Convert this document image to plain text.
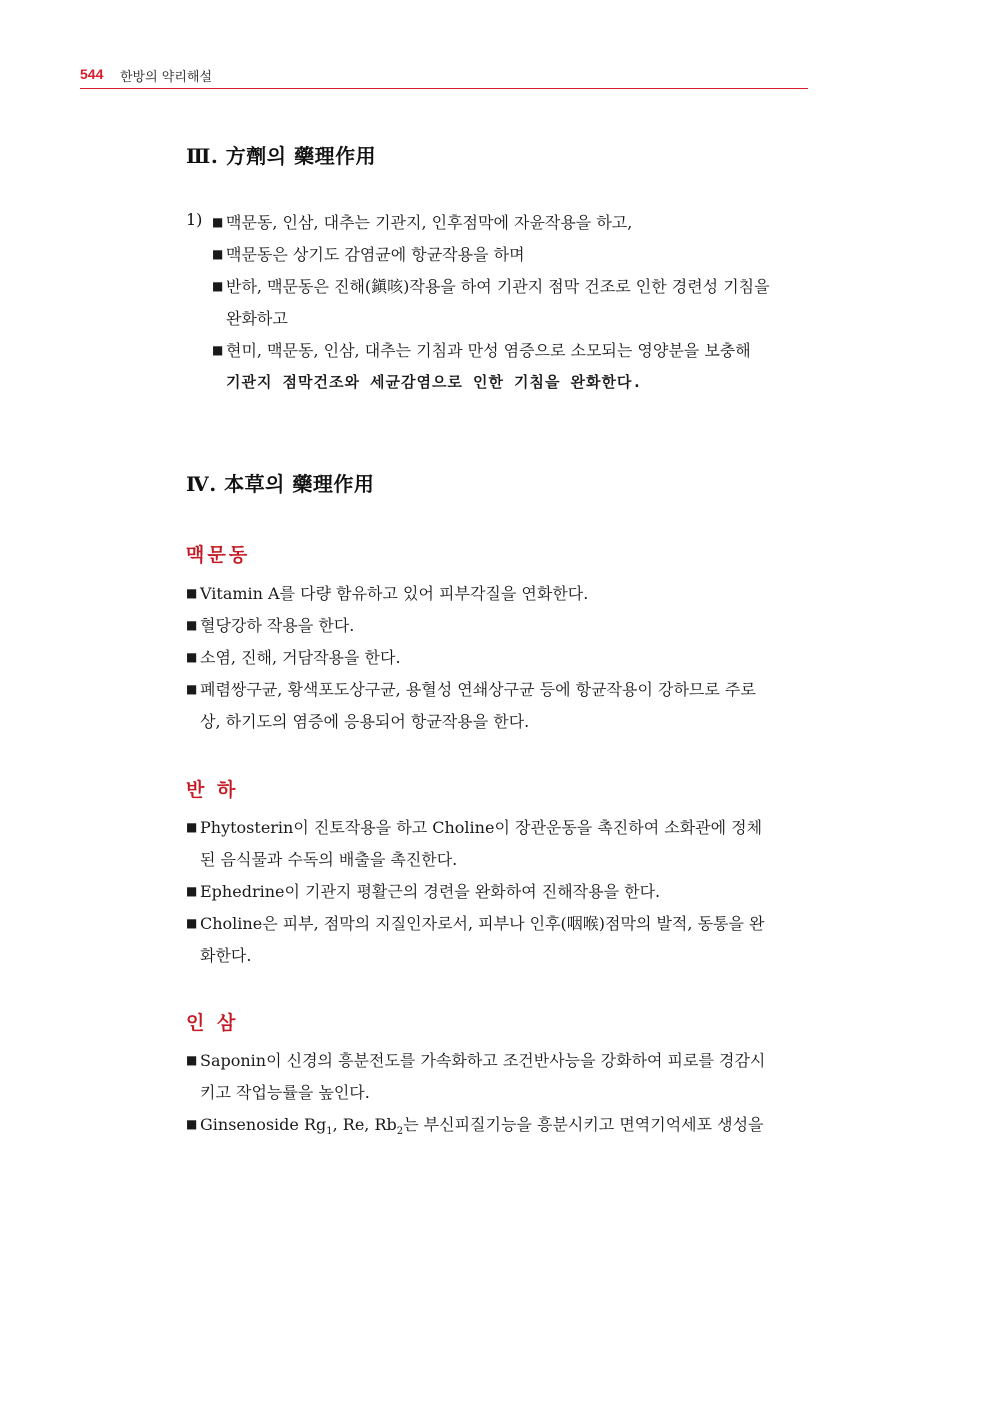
544 한방의 약리해설
Ⅲ. 方劑의 藥理作用
1) ■ 맥문동, 인삼, 대추는 기관지, 인후점막에 자윤작용을 하고,
■ 맥문동은 상기도 감염균에 항균작용을 하며
■ 반하, 맥문동은 진해(鎭咳)작용을 하여 기관지 점막 건조로 인한 경련성 기침을
완화하고
■ 현미, 맥문동, 인삼, 대추는 기침과 만성 염증으로 소모되는 영양분을 보충해
기관지 점막건조와 세균감염으로 인한 기침을 완화한다.
Ⅳ. 本草의 藥理作用
맥문동
■ Vitamin A를 다량 함유하고 있어 피부각질을 연화한다.
■ 혈당강하 작용을 한다.
■ 소염, 진해, 거담작용을 한다.
■ 폐렴쌍구균, 황색포도상구균, 용혈성 연쇄상구균 등에 항균작용이 강하므로 주로
상, 하기도의 염증에 응용되어 항균작용을 한다.
반 하
■ Phytosterin이 진토작용을 하고 Choline이 장관운동을 촉진하여 소화관에 정체
된 음식물과 수독의 배출을 촉진한다.
■ Ephedrine이 기관지 평활근의 경련을 완화하여 진해작용을 한다.
■ Choline은 피부, 점막의 지질인자로서, 피부나 인후(咽喉)점막의 발적, 동통을 완
화한다.
인 삼
■ Saponin이 신경의 흥분전도를 가속화하고 조건반사능을 강화하여 피로를 경감시
키고 작업능률을 높인다.
■ Ginsenoside $Rg_1$, Re, $Rb_2$는 부신피질기능을 흥분시키고 면역기억세포 생성을
